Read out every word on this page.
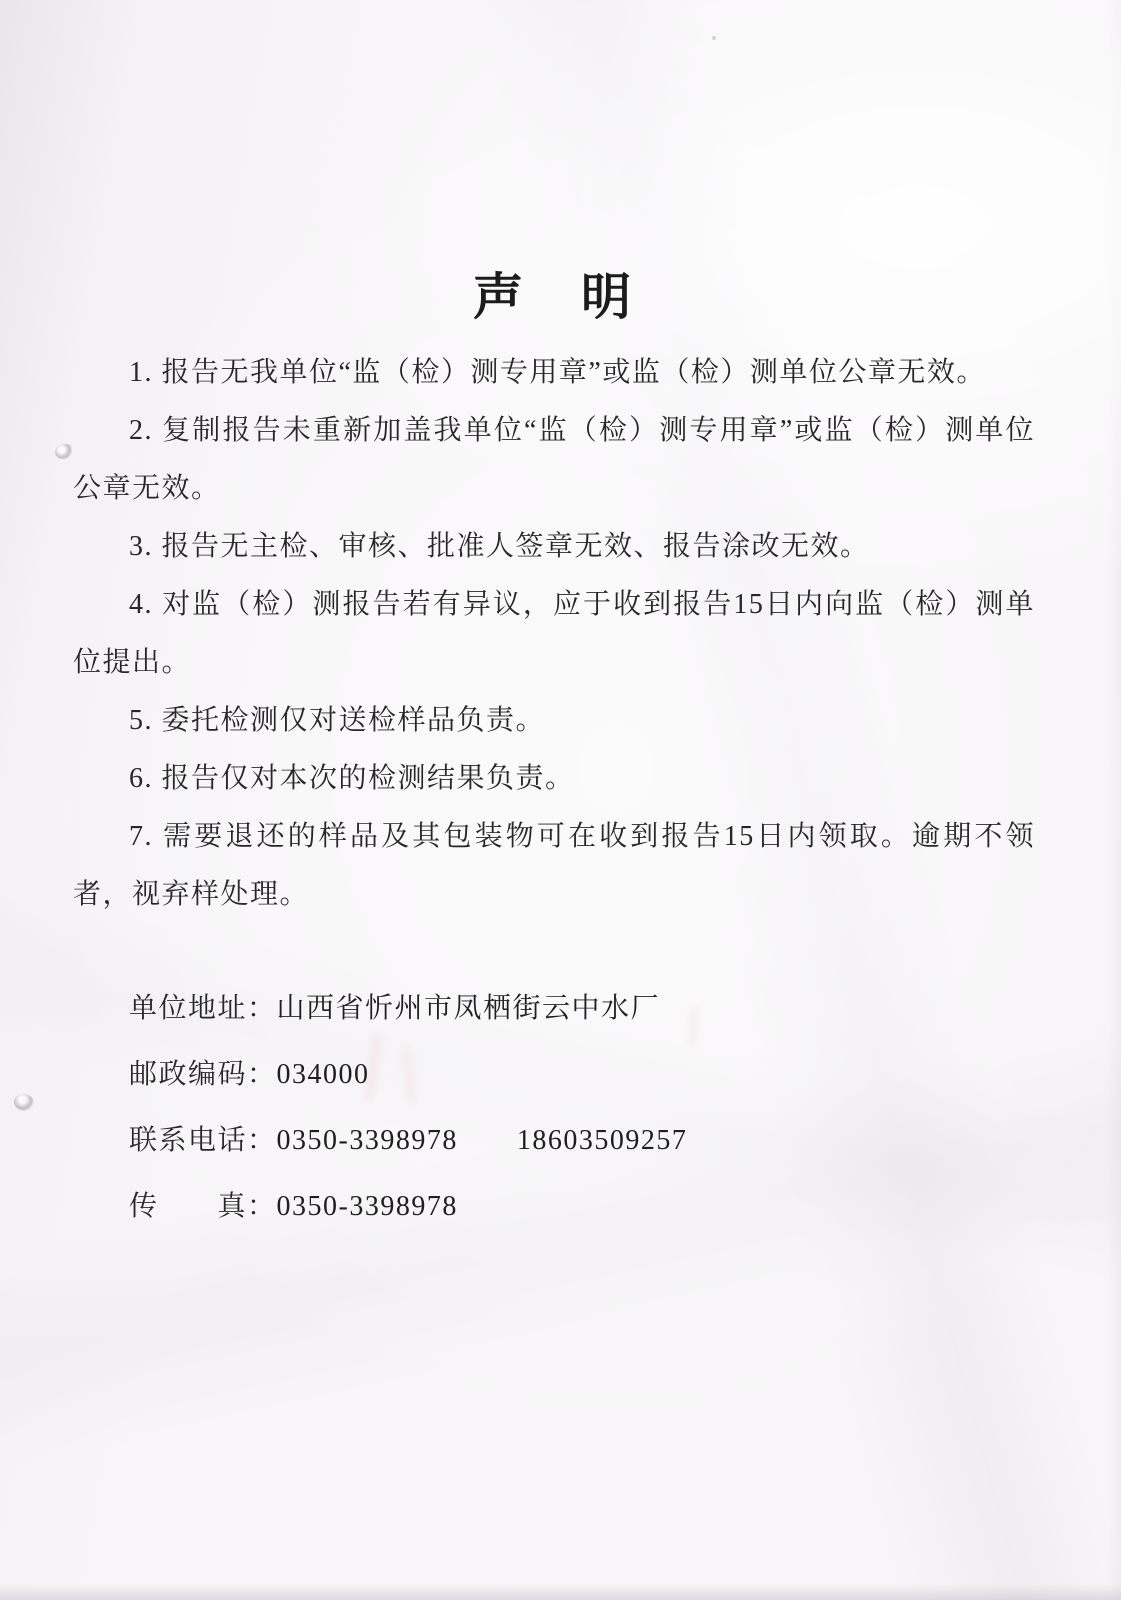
声　明

1. 报告无我单位“监（检）测专用章”或监（检）测单位公章无效。

2. 复制报告未重新加盖我单位“监（检）测专用章”或监（检）测单位公章无效。

3. 报告无主检、审核、批准人签章无效、报告涂改无效。

4. 对监（检）测报告若有异议，应于收到报告15日内向监（检）测单位提出。

5. 委托检测仅对送检样品负责。

6. 报告仅对本次的检测结果负责。

7. 需要退还的样品及其包装物可在收到报告15日内领取。逾期不领者，视弃样处理。

单位地址：山西省忻州市凤栖街云中水厂

邮政编码：034000

联系电话：0350-3398978　　18603509257

传　　真：0350-3398978
